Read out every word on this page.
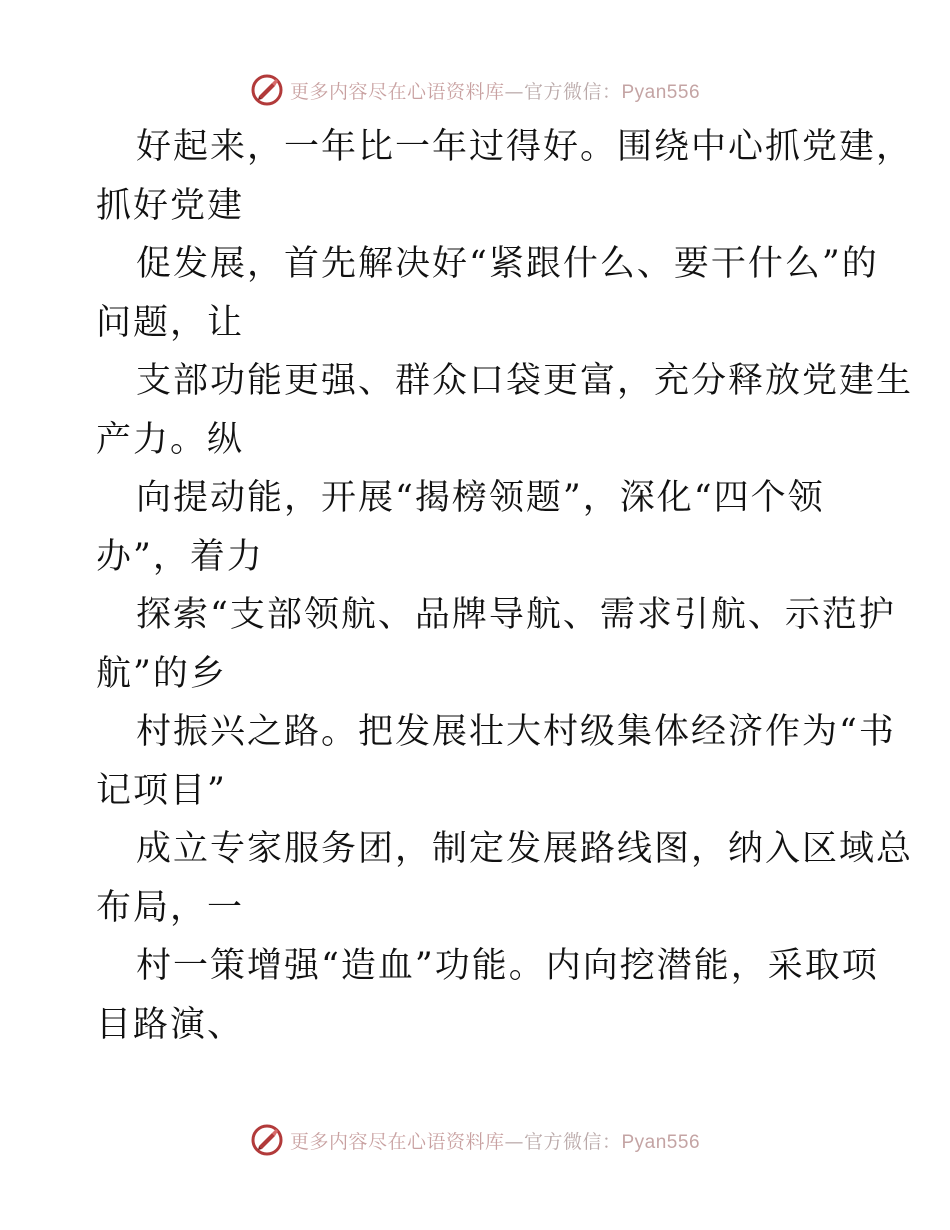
更多内容尽在心语资料库—官方微信：Pyan556
好起来，一年比一年过得好。围绕中心抓党建，
抓好党建
促发展，首先解决好“紧跟什么、要干什么”的
问题，让
支部功能更强、群众口袋更富，充分释放党建生
产力。纵
向提动能，开展“揭榜领题”，深化“四个领
办”，着力
探索“支部领航、品牌导航、需求引航、示范护
航”的乡
村振兴之路。把发展壮大村级集体经济作为“书
记项目”
成立专家服务团，制定发展路线图，纳入区域总
布局，一
村一策增强“造血”功能。内向挖潜能，采取项
目路演、
更多内容尽在心语资料库—官方微信：Pyan556
